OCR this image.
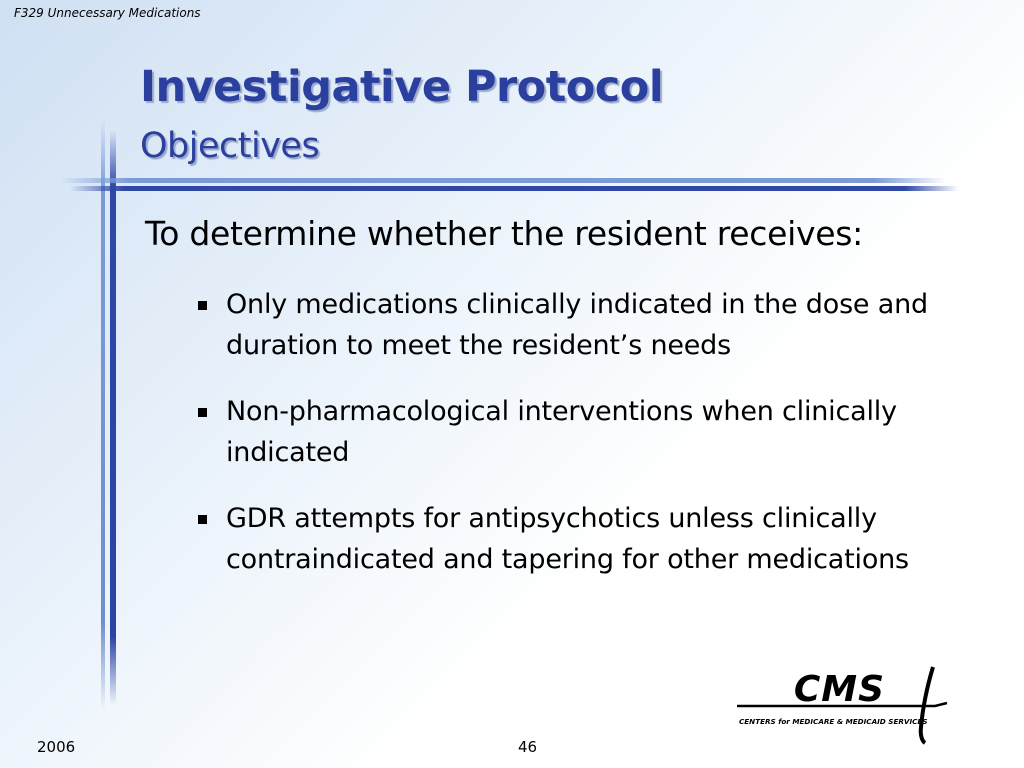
F329 Unnecessary Medications
Investigative Protocol
Objectives
To determine whether the resident receives:
Only medications clinically indicated in the dose and duration to meet the resident’s needs
Non-pharmacological interventions when clinically indicated
GDR attempts for antipsychotics unless clinically contraindicated and tapering for other medications
2006	46
CMS
CENTERS for MEDICARE & MEDICAID SERVICES
